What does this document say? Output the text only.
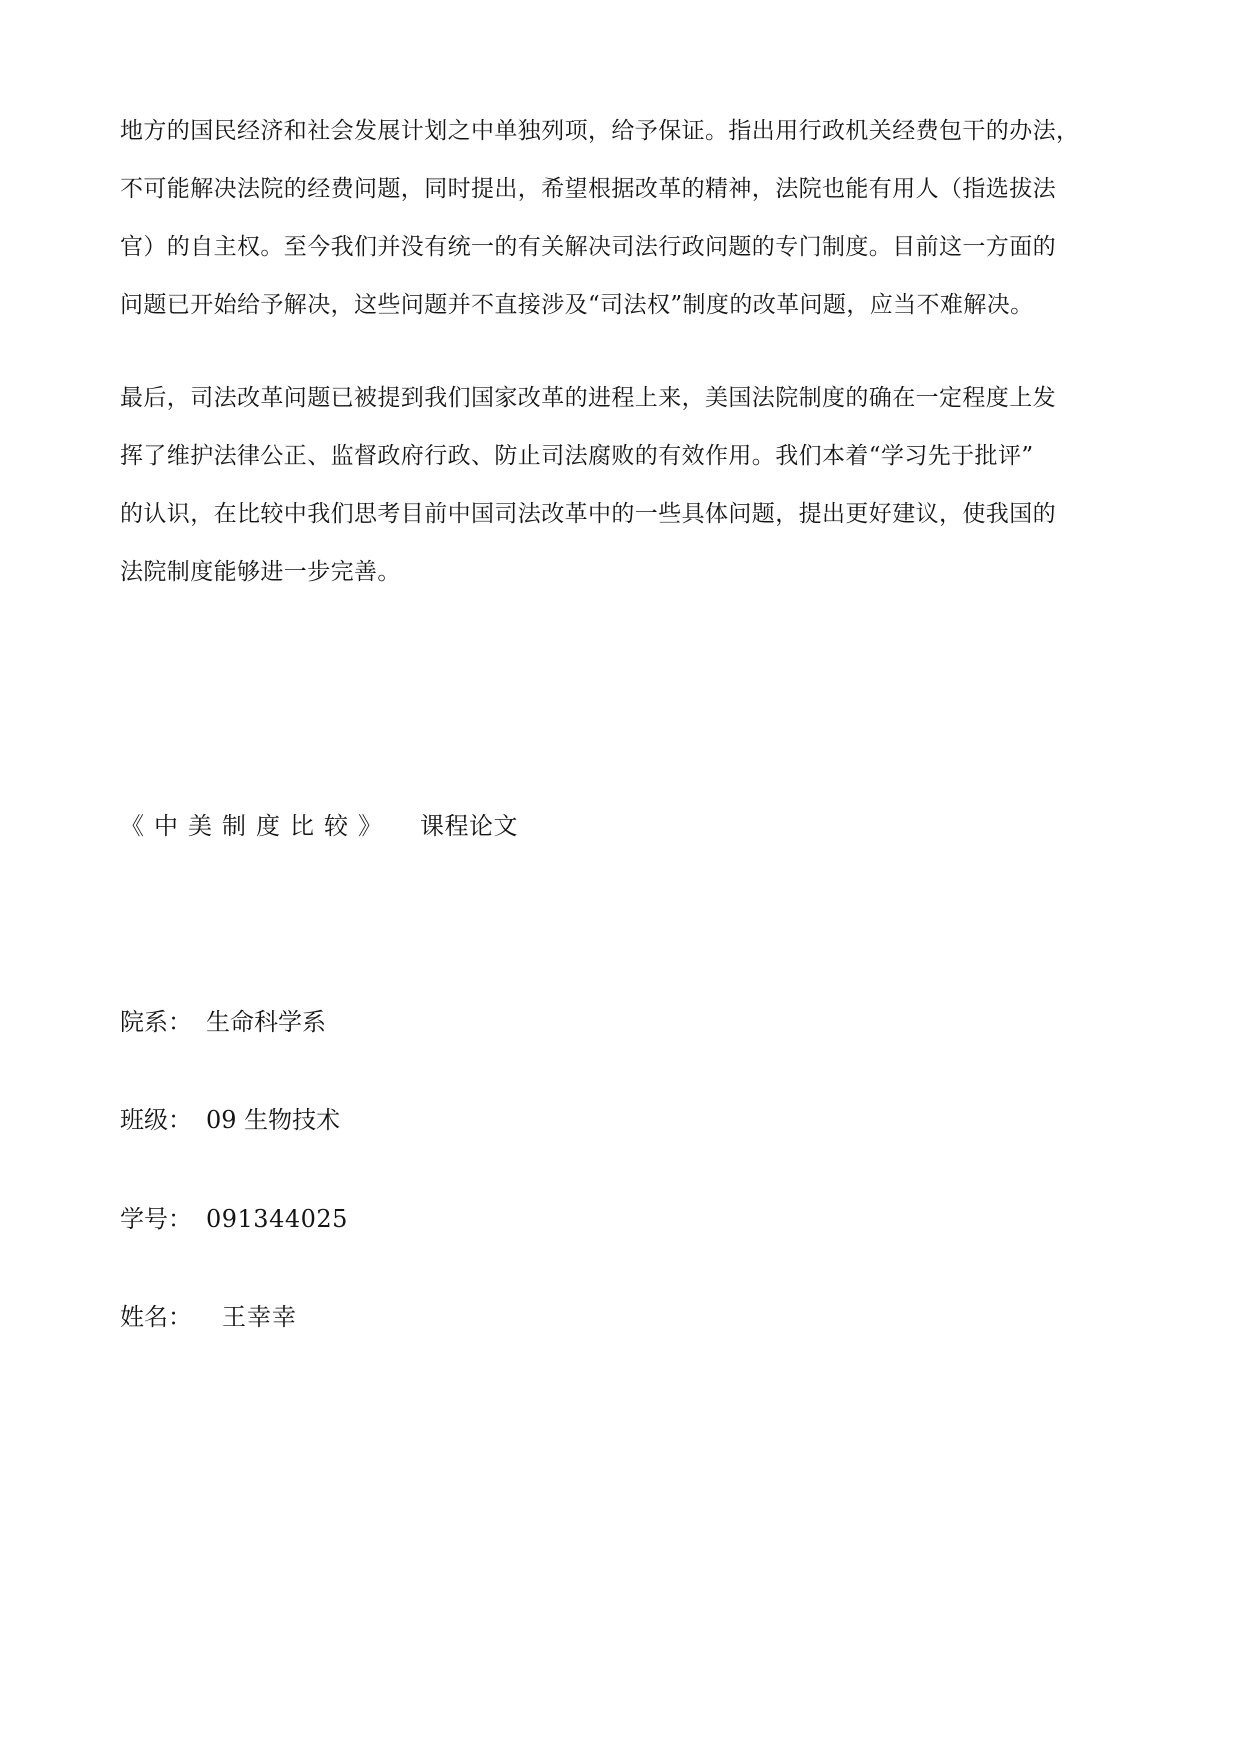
地方的国民经济和社会发展计划之中单独列项，给予保证。指出用行政机关经费包干的办法，
不可能解决法院的经费问题，同时提出，希望根据改革的精神，法院也能有用人（指选拔法
官）的自主权。至今我们并没有统一的有关解决司法行政问题的专门制度。目前这一方面的
问题已开始给予解决，这些问题并不直接涉及“司法权”制度的改革问题，应当不难解决。
最后，司法改革问题已被提到我们国家改革的进程上来，美国法院制度的确在一定程度上发
挥了维护法律公正、监督政府行政、防止司法腐败的有效作用。我们本着“学习先于批评”
的认识，在比较中我们思考目前中国司法改革中的一些具体问题，提出更好建议，使我国的
法院制度能够进一步完善。
《中美制度比较》 课程论文
院系： 生命科学系
班级： 09 生物技术
学号： 091344025
姓名： 王幸幸
